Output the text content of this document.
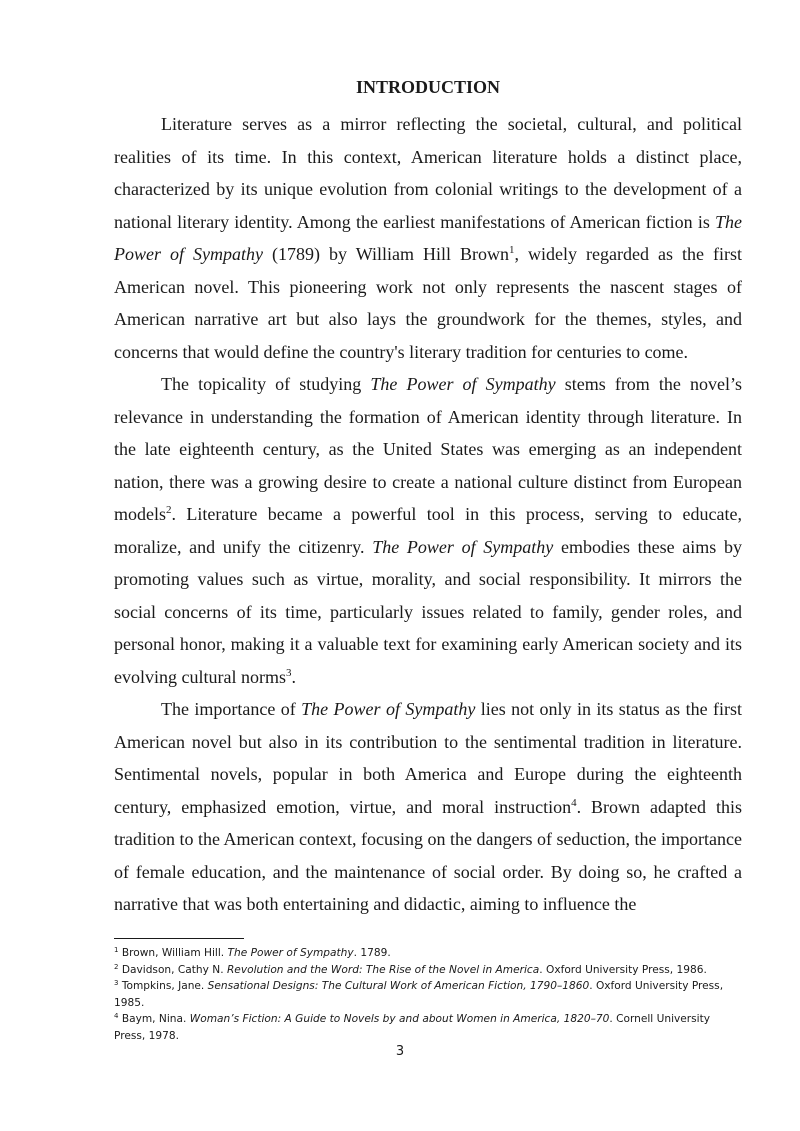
INTRODUCTION

Literature serves as a mirror reflecting the societal, cultural, and political realities of its time. In this context, American literature holds a distinct place, characterized by its unique evolution from colonial writings to the development of a national literary identity. Among the earliest manifestations of American fiction is The Power of Sympathy (1789) by William Hill Brown$^1$, widely regarded as the first American novel. This pioneering work not only represents the nascent stages of American narrative art but also lays the groundwork for the themes, styles, and concerns that would define the country's literary tradition for centuries to come.

The topicality of studying The Power of Sympathy stems from the novel’s relevance in understanding the formation of American identity through literature. In the late eighteenth century, as the United States was emerging as an independent nation, there was a growing desire to create a national culture distinct from European models$^2$. Literature became a powerful tool in this process, serving to educate, moralize, and unify the citizenry. The Power of Sympathy embodies these aims by promoting values such as virtue, morality, and social responsibility. It mirrors the social concerns of its time, particularly issues related to family, gender roles, and personal honor, making it a valuable text for examining early American society and its evolving cultural norms$^3$.

The importance of The Power of Sympathy lies not only in its status as the first American novel but also in its contribution to the sentimental tradition in literature. Sentimental novels, popular in both America and Europe during the eighteenth century, emphasized emotion, virtue, and moral instruction$^4$. Brown adapted this tradition to the American context, focusing on the dangers of seduction, the importance of female education, and the maintenance of social order. By doing so, he crafted a narrative that was both entertaining and didactic, aiming to influence the

$^1$ Brown, William Hill. The Power of Sympathy. 1789.

$^2$ Davidson, Cathy N. Revolution and the Word: The Rise of the Novel in America. Oxford University Press, 1986.

$^3$ Tompkins, Jane. Sensational Designs: The Cultural Work of American Fiction, 1790–1860. Oxford University Press, 1985.

$^4$ Baym, Nina. Woman’s Fiction: A Guide to Novels by and about Women in America, 1820–70. Cornell University Press, 1978.

3
